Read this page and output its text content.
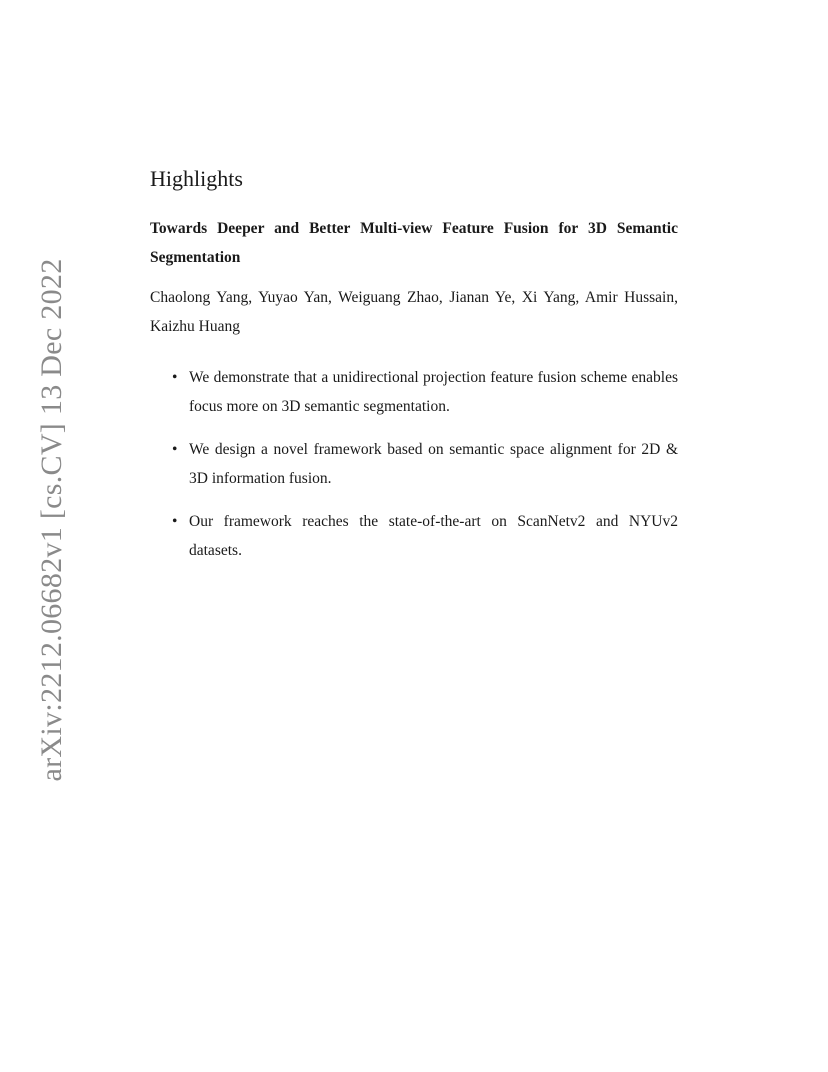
arXiv:2212.06682v1 [cs.CV] 13 Dec 2022
Highlights
Towards Deeper and Better Multi-view Feature Fusion for 3D Semantic Segmentation
Chaolong Yang, Yuyao Yan, Weiguang Zhao, Jianan Ye, Xi Yang, Amir Hussain, Kaizhu Huang
• We demonstrate that a unidirectional projection feature fusion scheme enables focus more on 3D semantic segmentation.
• We design a novel framework based on semantic space alignment for 2D & 3D information fusion.
• Our framework reaches the state-of-the-art on ScanNetv2 and NYUv2 datasets.
